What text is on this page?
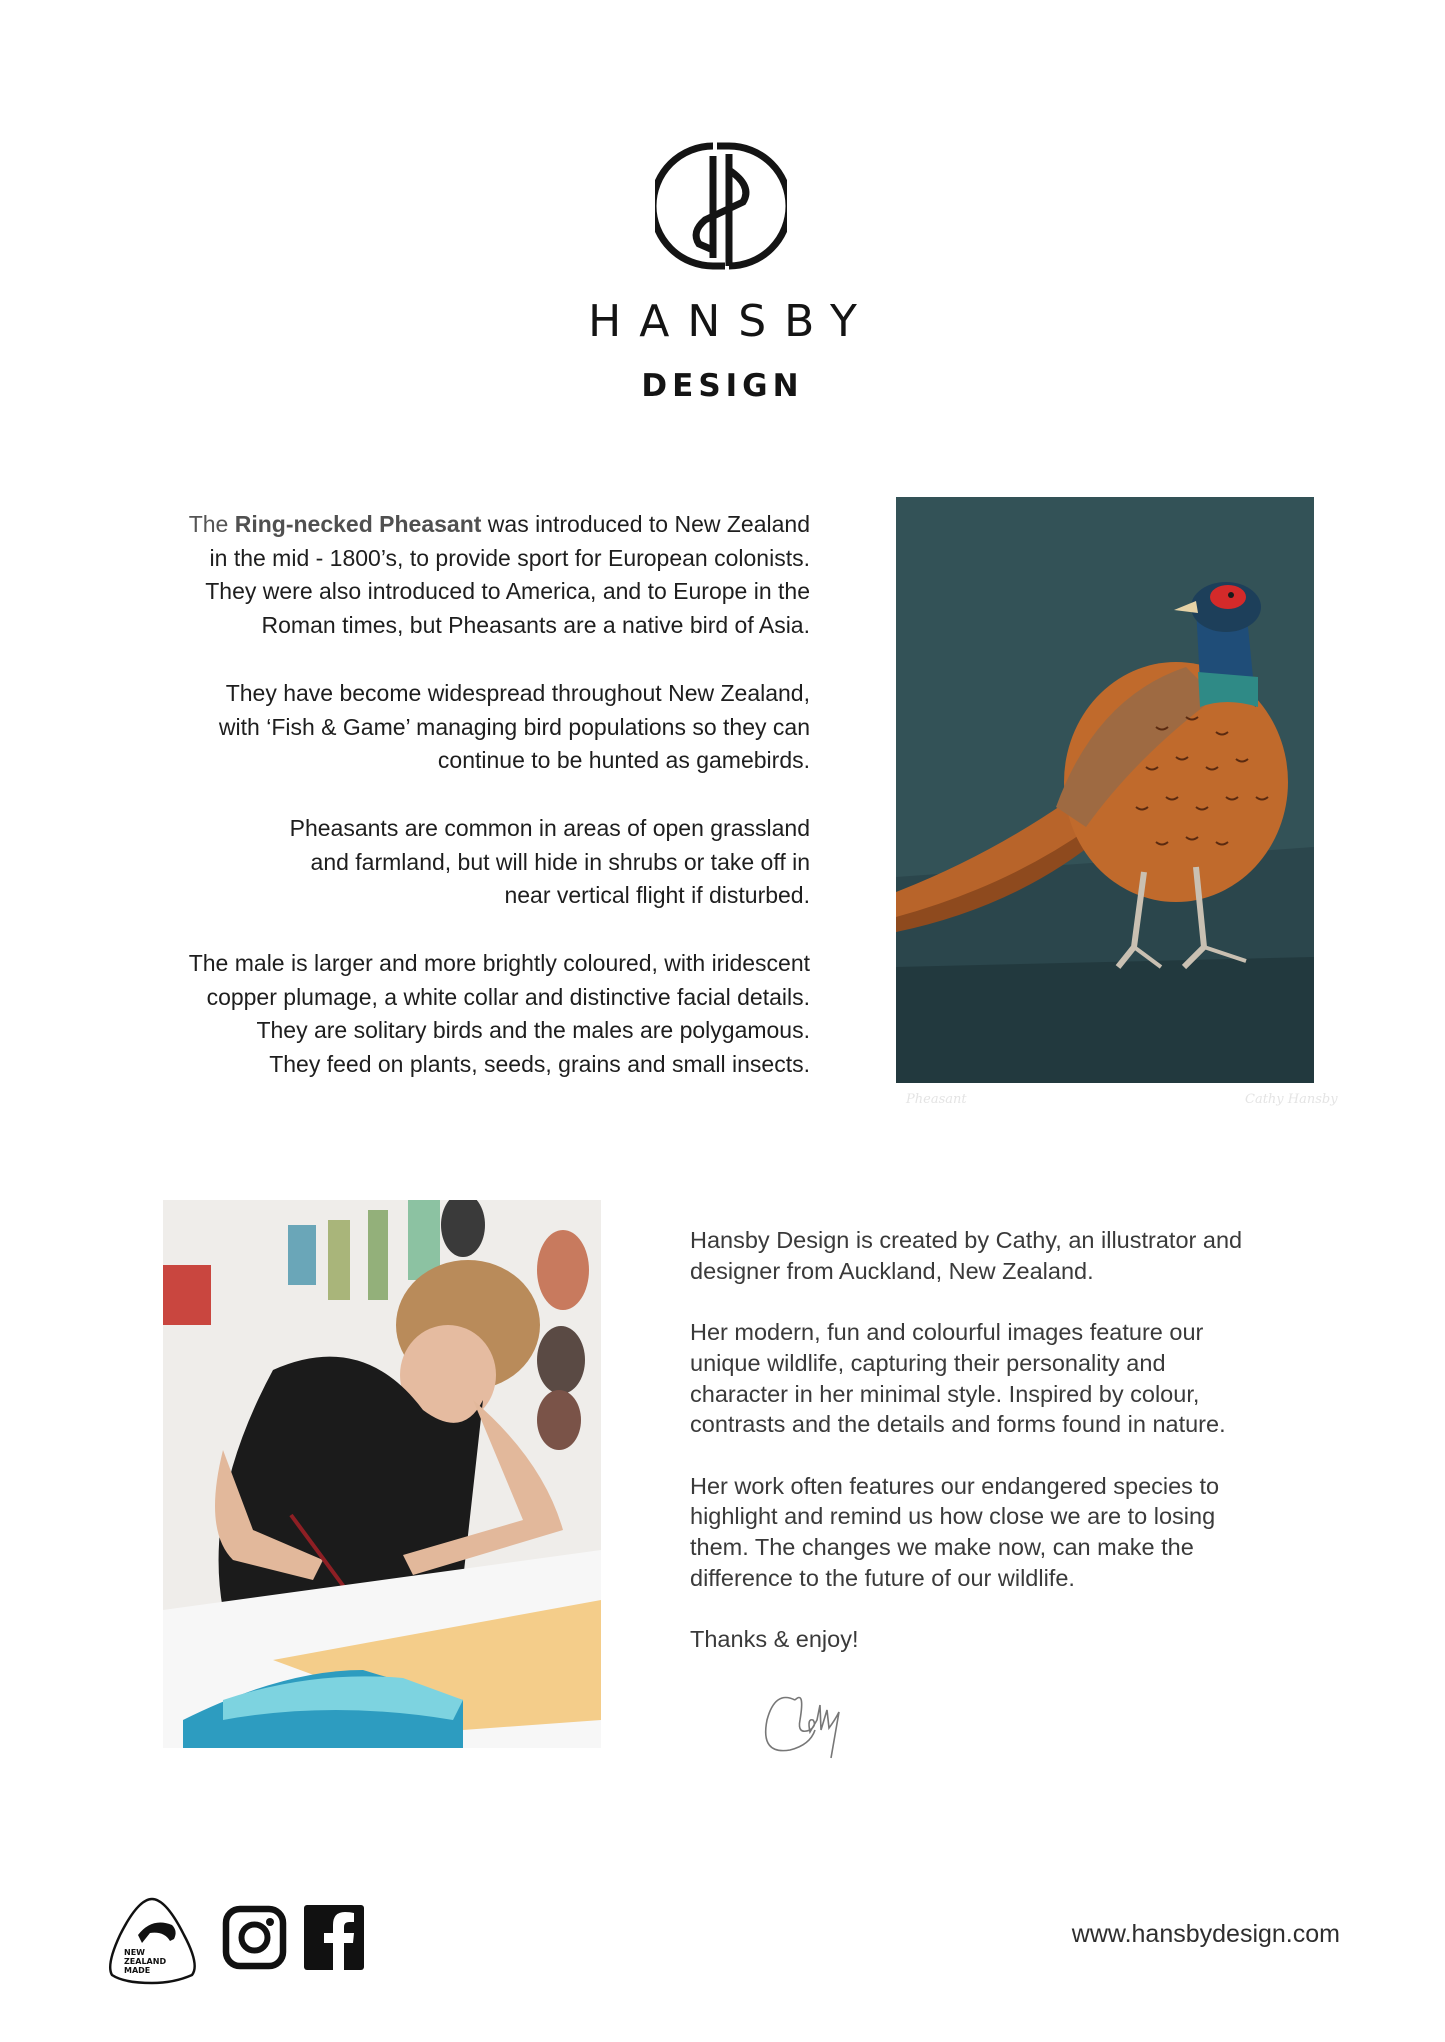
HANSBY
DESIGN

The Ring-necked Pheasant was introduced to New Zealand
in the mid - 1800’s, to provide sport for European colonists.
They were also introduced to America, and to Europe in the
Roman times, but Pheasants are a native bird of Asia.

They have become widespread throughout New Zealand,
with ‘Fish & Game’ managing bird populations so they can
continue to be hunted as gamebirds.

Pheasants are common in areas of open grassland
and farmland, but will hide in shrubs or take off in
near vertical flight if disturbed.

The male is larger and more brightly coloured, with iridescent
copper plumage, a white collar and distinctive facial details.
They are solitary birds and the males are polygamous.
They feed on plants, seeds, grains and small insects.

Pheasant	Cathy Hansby

Hansby Design is created by Cathy, an illustrator and
designer from Auckland, New Zealand.

Her modern, fun and colourful images feature our
unique wildlife, capturing their personality and
character in her minimal style. Inspired by colour,
contrasts and the details and forms found in nature.

Her work often features our endangered species to
highlight and remind us how close we are to losing
them. The changes we make now, can make the
difference to the future of our wildlife.

Thanks & enjoy!

NEW
ZEALAND
MADE
www.hansbydesign.com
